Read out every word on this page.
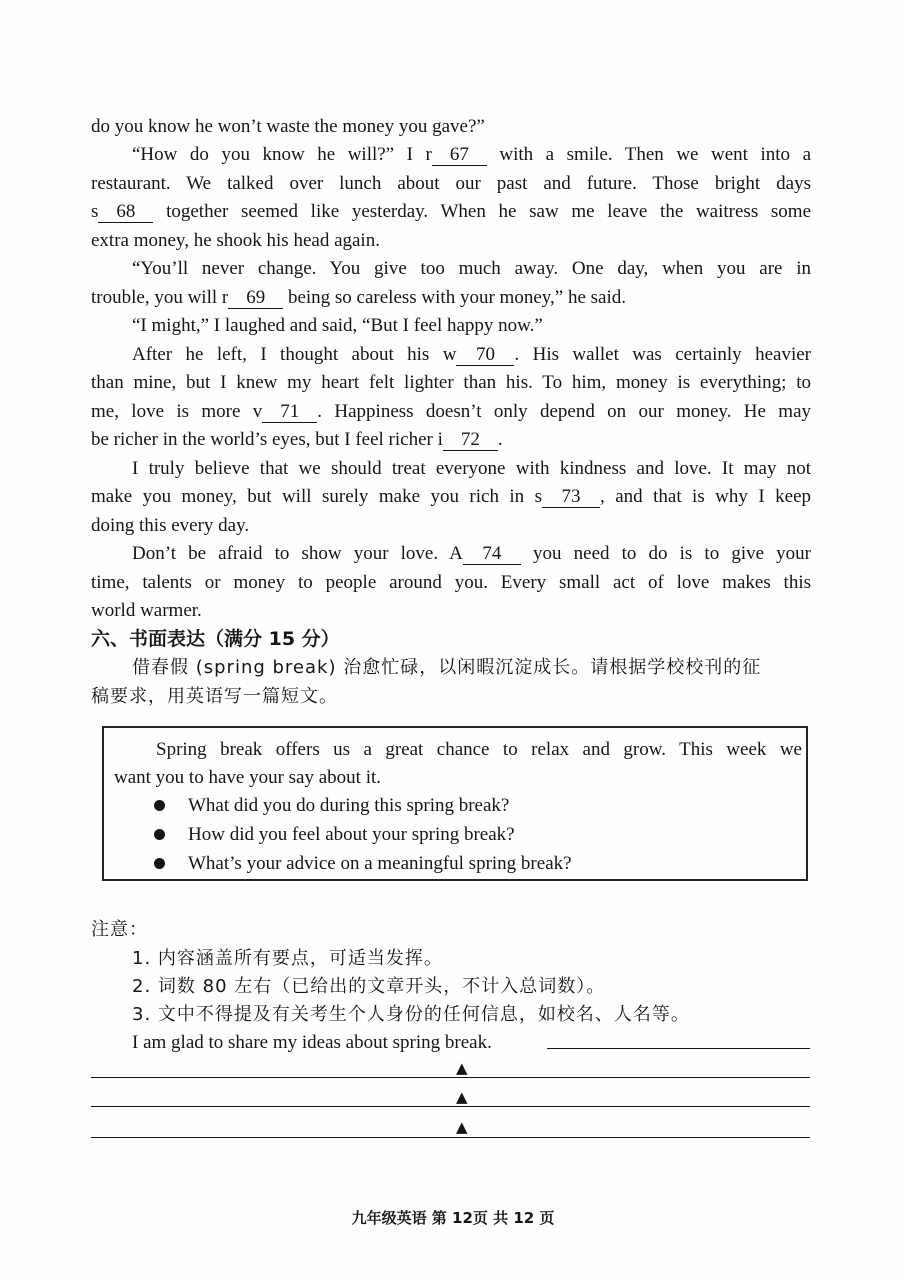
do you know he won’t waste the money you gave?”
“How do you know he will?” I r 67 with a smile. Then we went into a
restaurant. We talked over lunch about our past and future. Those bright days
s 68 together seemed like yesterday. When he saw me leave the waitress some
extra money, he shook his head again.
“You’ll never change. You give too much away. One day, when you are in
trouble, you will r 69 being so careless with your money,” he said.
“I might,” I laughed and said, “But I feel happy now.”
After he left, I thought about his w 70 . His wallet was certainly heavier
than mine, but I knew my heart felt lighter than his. To him, money is everything; to
me, love is more v 71 . Happiness doesn’t only depend on our money. He may
be richer in the world’s eyes, but I feel richer i 72 .
I truly believe that we should treat everyone with kindness and love. It may not
make you money, but will surely make you rich in s 73 , and that is why I keep
doing this every day.
Don’t be afraid to show your love. A 74 you need to do is to give your
time, talents or money to people around you. Every small act of love makes this
world warmer.
六、书面表达（满分 15 分）
借春假 (spring break) 治愈忙碌，以闲暇沉淀成长。请根据学校校刊的征
稿要求，用英语写一篇短文。
Spring break offers us a great chance to relax and grow. This week we
want you to have your say about it.
What did you do during this spring break?
How did you feel about your spring break?
What’s your advice on a meaningful spring break?
注意：
1. 内容涵盖所有要点，可适当发挥。
2. 词数 80 左右（已给出的文章开头，不计入总词数）。
3. 文中不得提及有关考生个人身份的任何信息，如校名、人名等。
I am glad to share my ideas about spring break.
▲
▲
▲
九年级英语 第 12页 共 12 页
